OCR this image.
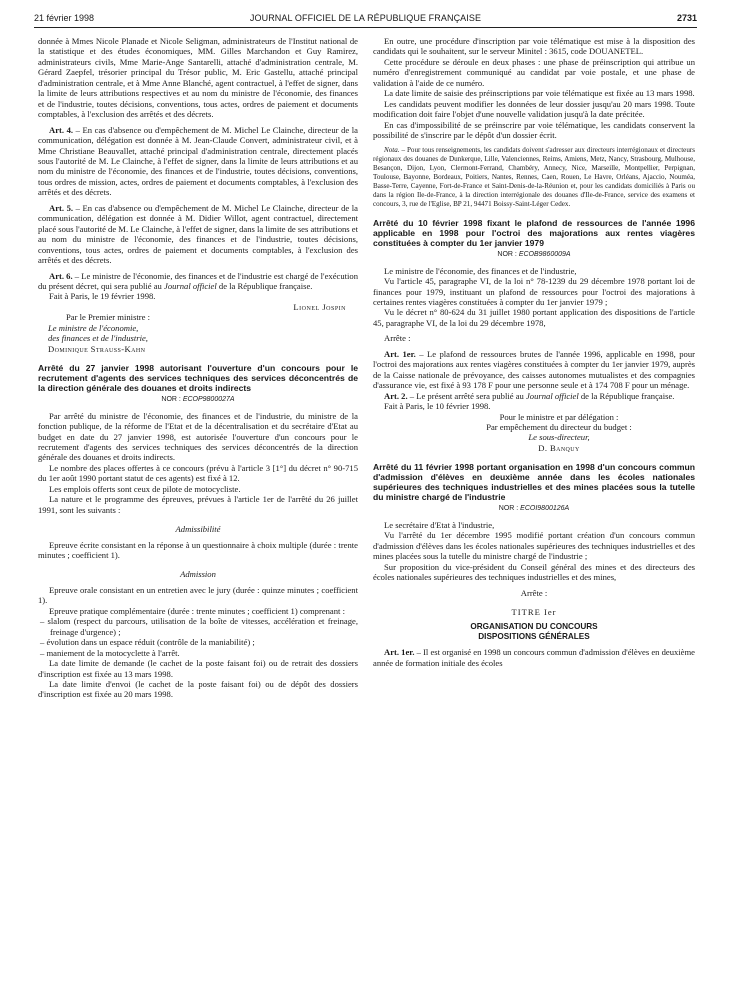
21 février 1998	JOURNAL OFFICIEL DE LA RÉPUBLIQUE FRANÇAISE	2731

donnée à Mmes Nicole Planade et Nicole Seligman, administrateurs de l'Institut national de la statistique et des études économiques, MM. Gilles Marchandon et Guy Ramirez, administrateurs civils, Mme Marie-Ange Santarelli, attaché d'administration centrale, M. Gérard Zaepfel, trésorier principal du Trésor public, M. Eric Gastellu, attaché principal d'administration centrale, et à Mme Anne Blanché, agent contractuel, à l'effet de signer, dans la limite de leurs attributions respectives et au nom du ministre de l'économie, des finances et de l'industrie, toutes décisions, conventions, tous actes, ordres de paiement et documents comptables, à l'exclusion des arrêtés et des décrets.

Art. 4. – En cas d'absence ou d'empêchement de M. Michel Le Clainche, directeur de la communication, délégation est donnée à M. Jean-Claude Convert, administrateur civil, et à Mme Christiane Beauvallet, attaché principal d'administration centrale, directement placés sous l'autorité de M. Le Clainche, à l'effet de signer, dans la limite de leurs attributions et au nom du ministre de l'économie, des finances et de l'industrie, toutes décisions, conventions, tous ordres de mission, actes, ordres de paiement et documents comptables, à l'exclusion des arrêtés et des décrets.

Art. 5. – En cas d'absence ou d'empêchement de M. Michel Le Clainche, directeur de la communication, délégation est donnée à M. Didier Willot, agent contractuel, directement placé sous l'autorité de M. Le Clainche, à l'effet de signer, dans la limite de ses attributions et au nom du ministre de l'économie, des finances et de l'industrie, toutes décisions, conventions, tous actes, ordres de paiement et documents comptables, à l'exclusion des arrêtés et des décrets.

Art. 6. – Le ministre de l'économie, des finances et de l'industrie est chargé de l'exécution du présent décret, qui sera publié au Journal officiel de la République française.

Fait à Paris, le 19 février 1998.

Lionel Jospin

Par le Premier ministre :

Le ministre de l'économie,

des finances et de l'industrie,

Dominique Strauss-Kahn

Arrêté du 27 janvier 1998 autorisant l'ouverture d'un concours pour le recrutement d'agents des services techniques des services déconcentrés de la direction générale des douanes et droits indirects

NOR : ECOP9800027A

Par arrêté du ministre de l'économie, des finances et de l'industrie, du ministre de la fonction publique, de la réforme de l'Etat et de la décentralisation et du secrétaire d'Etat au budget en date du 27 janvier 1998, est autorisée l'ouverture d'un concours pour le recrutement d'agents des services techniques des services déconcentrés de la direction générale des douanes et droits indirects.

Le nombre des places offertes à ce concours (prévu à l'article 3 [1°] du décret n° 90-715 du 1er août 1990 portant statut de ces agents) est fixé à 12.

Les emplois offerts sont ceux de pilote de motocycliste.

La nature et le programme des épreuves, prévues à l'article 1er de l'arrêté du 26 juillet 1991, sont les suivants :

Admissibilité

Epreuve écrite consistant en la réponse à un questionnaire à choix multiple (durée : trente minutes ; coefficient 1).

Admission

Epreuve orale consistant en un entretien avec le jury (durée : quinze minutes ; coefficient 1).

Epreuve pratique complémentaire (durée : trente minutes ; coefficient 1) comprenant :

– slalom (respect du parcours, utilisation de la boîte de vitesses, accélération et freinage, freinage d'urgence) ;
– évolution dans un espace réduit (contrôle de la maniabilité) ;
– maniement de la motocyclette à l'arrêt.

La date limite de demande (le cachet de la poste faisant foi) ou de retrait des dossiers d'inscription est fixée au 13 mars 1998.

La date limite d'envoi (le cachet de la poste faisant foi) ou de dépôt des dossiers d'inscription est fixée au 20 mars 1998.

En outre, une procédure d'inscription par voie télématique est mise à la disposition des candidats qui le souhaitent, sur le serveur Minitel : 3615, code DOUANETEL.

Cette procédure se déroule en deux phases : une phase de préinscription qui attribue un numéro d'enregistrement communiqué au candidat par voie postale, et une phase de validation à l'aide de ce numéro.

La date limite de saisie des préinscriptions par voie télématique est fixée au 13 mars 1998.

Les candidats peuvent modifier les données de leur dossier jusqu'au 20 mars 1998. Toute modification doit faire l'objet d'une nouvelle validation jusqu'à la date précitée.

En cas d'impossibilité de se préinscrire par voie télématique, les candidats conservent la possibilité de s'inscrire par le dépôt d'un dossier écrit.

Nota. – Pour tous renseignements, les candidats doivent s'adresser aux directeurs interrégionaux et directeurs régionaux des douanes de Dunkerque, Lille, Valenciennes, Reims, Amiens, Metz, Nancy, Strasbourg, Mulhouse, Besançon, Dijon, Lyon, Clermont-Ferrand, Chambéry, Annecy, Nice, Marseille, Montpellier, Perpignan, Toulouse, Bayonne, Bordeaux, Poitiers, Nantes, Rennes, Caen, Rouen, Le Havre, Orléans, Ajaccio, Nouméa, Basse-Terre, Cayenne, Fort-de-France et Saint-Denis-de-la-Réunion et, pour les candidats domiciliés à Paris ou dans la région Ile-de-France, à la direction interrégionale des douanes d'Ile-de-France, service des examens et concours, 3, rue de l'Eglise, BP 21, 94471 Boissy-Saint-Léger Cedex.

Arrêté du 10 février 1998 fixant le plafond de ressources de l'année 1996 applicable en 1998 pour l'octroi des majorations aux rentes viagères constituées à compter du 1er janvier 1979

NOR : ECOB9860009A

Le ministre de l'économie, des finances et de l'industrie,

Vu l'article 45, paragraphe VI, de la loi n° 78-1239 du 29 décembre 1978 portant loi de finances pour 1979, instituant un plafond de ressources pour l'octroi des majorations à certaines rentes viagères constituées à compter du 1er janvier 1979 ;

Vu le décret n° 80-624 du 31 juillet 1980 portant application des dispositions de l'article 45, paragraphe VI, de la loi du 29 décembre 1978,

Arrête :

Art. 1er. – Le plafond de ressources brutes de l'année 1996, applicable en 1998, pour l'octroi des majorations aux rentes viagères constituées à compter du 1er janvier 1979, auprès de la Caisse nationale de prévoyance, des caisses autonomes mutualistes et des compagnies d'assurance vie, est fixé à 93 178 F pour une personne seule et à 174 708 F pour un ménage.

Art. 2. – Le présent arrêté sera publié au Journal officiel de la République française.

Fait à Paris, le 10 février 1998.

Pour le ministre et par délégation :

Par empêchement du directeur du budget :

Le sous-directeur,

D. Banquy

Arrêté du 11 février 1998 portant organisation en 1998 d'un concours commun d'admission d'élèves en deuxième année dans les écoles nationales supérieures des techniques industrielles et des mines placées sous la tutelle du ministre chargé de l'industrie

NOR : ECOI9800126A

Le secrétaire d'Etat à l'industrie,

Vu l'arrêté du 1er décembre 1995 modifié portant création d'un concours commun d'admission d'élèves dans les écoles nationales supérieures des techniques industrielles et des mines placées sous la tutelle du ministre chargé de l'industrie ;

Sur proposition du vice-président du Conseil général des mines et des directeurs des écoles nationales supérieures des techniques industrielles et des mines,

Arrête :

TITRE Ier

ORGANISATION DU CONCOURS

DISPOSITIONS GÉNÉRALES

Art. 1er. – Il est organisé en 1998 un concours commun d'admission d'élèves en deuxième année de formation initiale des écoles
